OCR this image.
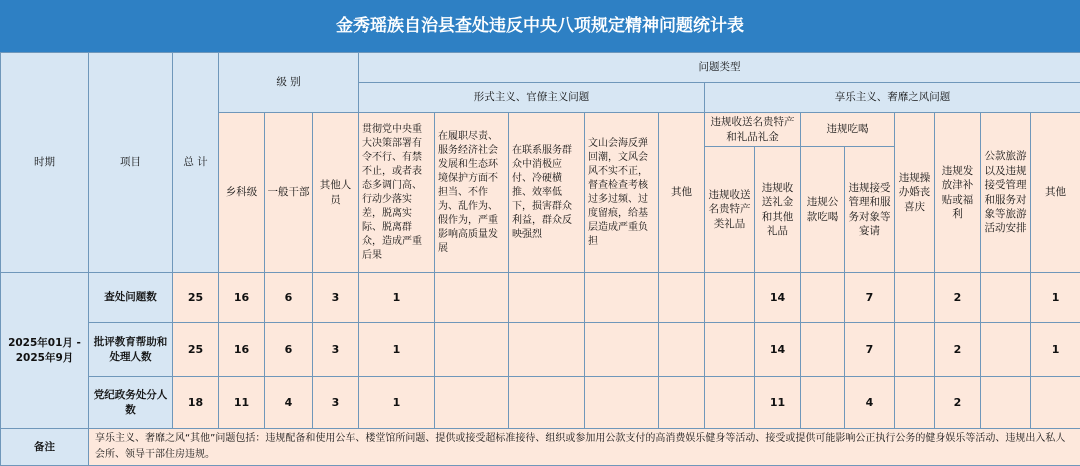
金秀瑶族自治县查处违反中央八项规定精神问题统计表
时期	项目	总 计	级 别			问题类型												
						形式主义、官僚主义问题					享乐主义、奢靡之风问题							
			乡科级	一般干部	其他人员	贯彻党中央重大决策部署有令不行、有禁不止，或者表态多调门高、行动少落实差，脱离实际、脱离群众，造成严重后果	在履职尽责、服务经济社会发展和生态环境保护方面不担当、不作为、乱作为、假作为，严重影响高质量发展	在联系服务群众中消极应付、冷硬横推、效率低下，损害群众利益，群众反映强烈	文山会海反弹回潮，文风会风不实不正，督查检查考核过多过频、过度留痕，给基层造成严重负担	其他	违规收送名贵特产和礼品礼金		违规吃喝		违规操办婚丧喜庆	违规发放津补贴或福利	公款旅游以及违规接受管理和服务对象等旅游活动安排	其他
											违规收送名贵特产类礼品	违规收送礼金和其他礼品	违规公款吃喝	违规接受管理和服务对象等宴请				
2025年01月 - 2025年9月	查处问题数	25	16	6	3	1						14		7		2		1
	批评教育帮助和处理人数	25	16	6	3	1						14		7		2		1
	党纪政务处分人数	18	11	4	3	1						11		4		2		
备注	享乐主义、奢靡之风“其他”问题包括：违规配备和使用公车、楼堂馆所问题、提供或接受超标准接待、组织或参加用公款支付的高消费娱乐健身等活动、接受或提供可能影响公正执行公务的健身娱乐等活动、违规出入私人会所、领导干部住房违规。																	
